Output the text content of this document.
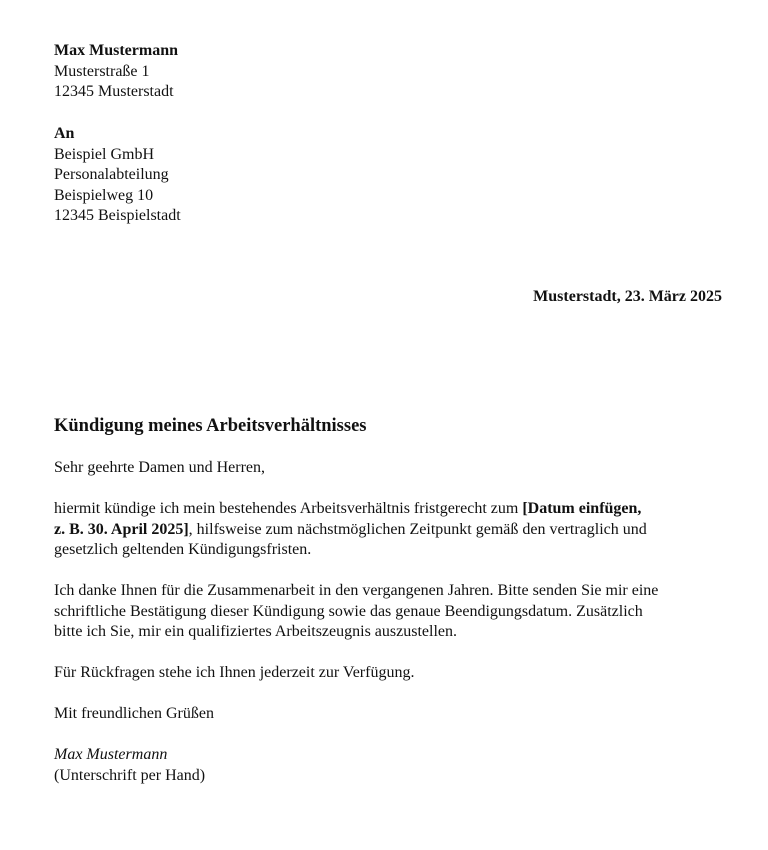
Max Mustermann
Musterstraße 1
12345 Musterstadt
An
Beispiel GmbH
Personalabteilung
Beispielweg 10
12345 Beispielstadt
Musterstadt, 23. März 2025
Kündigung meines Arbeitsverhältnisses
Sehr geehrte Damen und Herren,
hiermit kündige ich mein bestehendes Arbeitsverhältnis fristgerecht zum [Datum einfügen,
z. B. 30. April 2025], hilfsweise zum nächstmöglichen Zeitpunkt gemäß den vertraglich und
gesetzlich geltenden Kündigungsfristen.
Ich danke Ihnen für die Zusammenarbeit in den vergangenen Jahren. Bitte senden Sie mir eine
schriftliche Bestätigung dieser Kündigung sowie das genaue Beendigungsdatum. Zusätzlich
bitte ich Sie, mir ein qualifiziertes Arbeitszeugnis auszustellen.
Für Rückfragen stehe ich Ihnen jederzeit zur Verfügung.
Mit freundlichen Grüßen
Max Mustermann
(Unterschrift per Hand)
